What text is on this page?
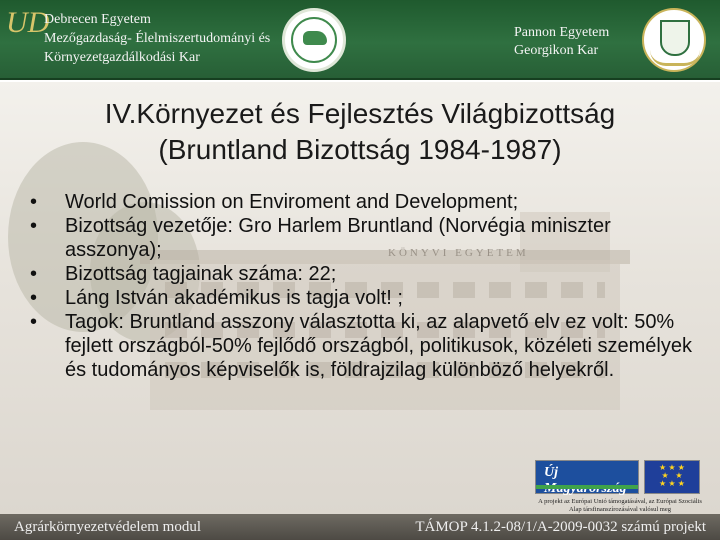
UD
Debrecen Egyetem
Mezőgazdaság- Élelmiszertudományi és
Környezetgazdálkodási Kar
Pannon Egyetem
Georgikon Kar
KÖNYVI EGYETEM
IV.Környezet és Fejlesztés Világbizottság
(Bruntland Bizottság 1984-1987)
• World Comission on Enviroment and Development;
• Bizottság vezetője: Gro Harlem Bruntland (Norvégia miniszter asszonya);
• Bizottság tagjainak száma: 22;
• Láng István akadémikus is tagja volt! ;
• Tagok: Bruntland asszony választotta ki, az alapvető elv ez volt: 50% fejlett országból-50% fejlődő országból, politikusok, közéleti személyek és tudományos képviselők is, földrajzilag különböző helyekről.
Új	★ ★ ★
★   ★
★ ★ ★
A projekt az Európai Unió támogatásával, az Európai Szociális Alap társfinanszírozásával valósul meg
Agrárkörnyezetvédelem modul	TÁMOP 4.1.2-08/1/A-2009-0032 számú projekt
